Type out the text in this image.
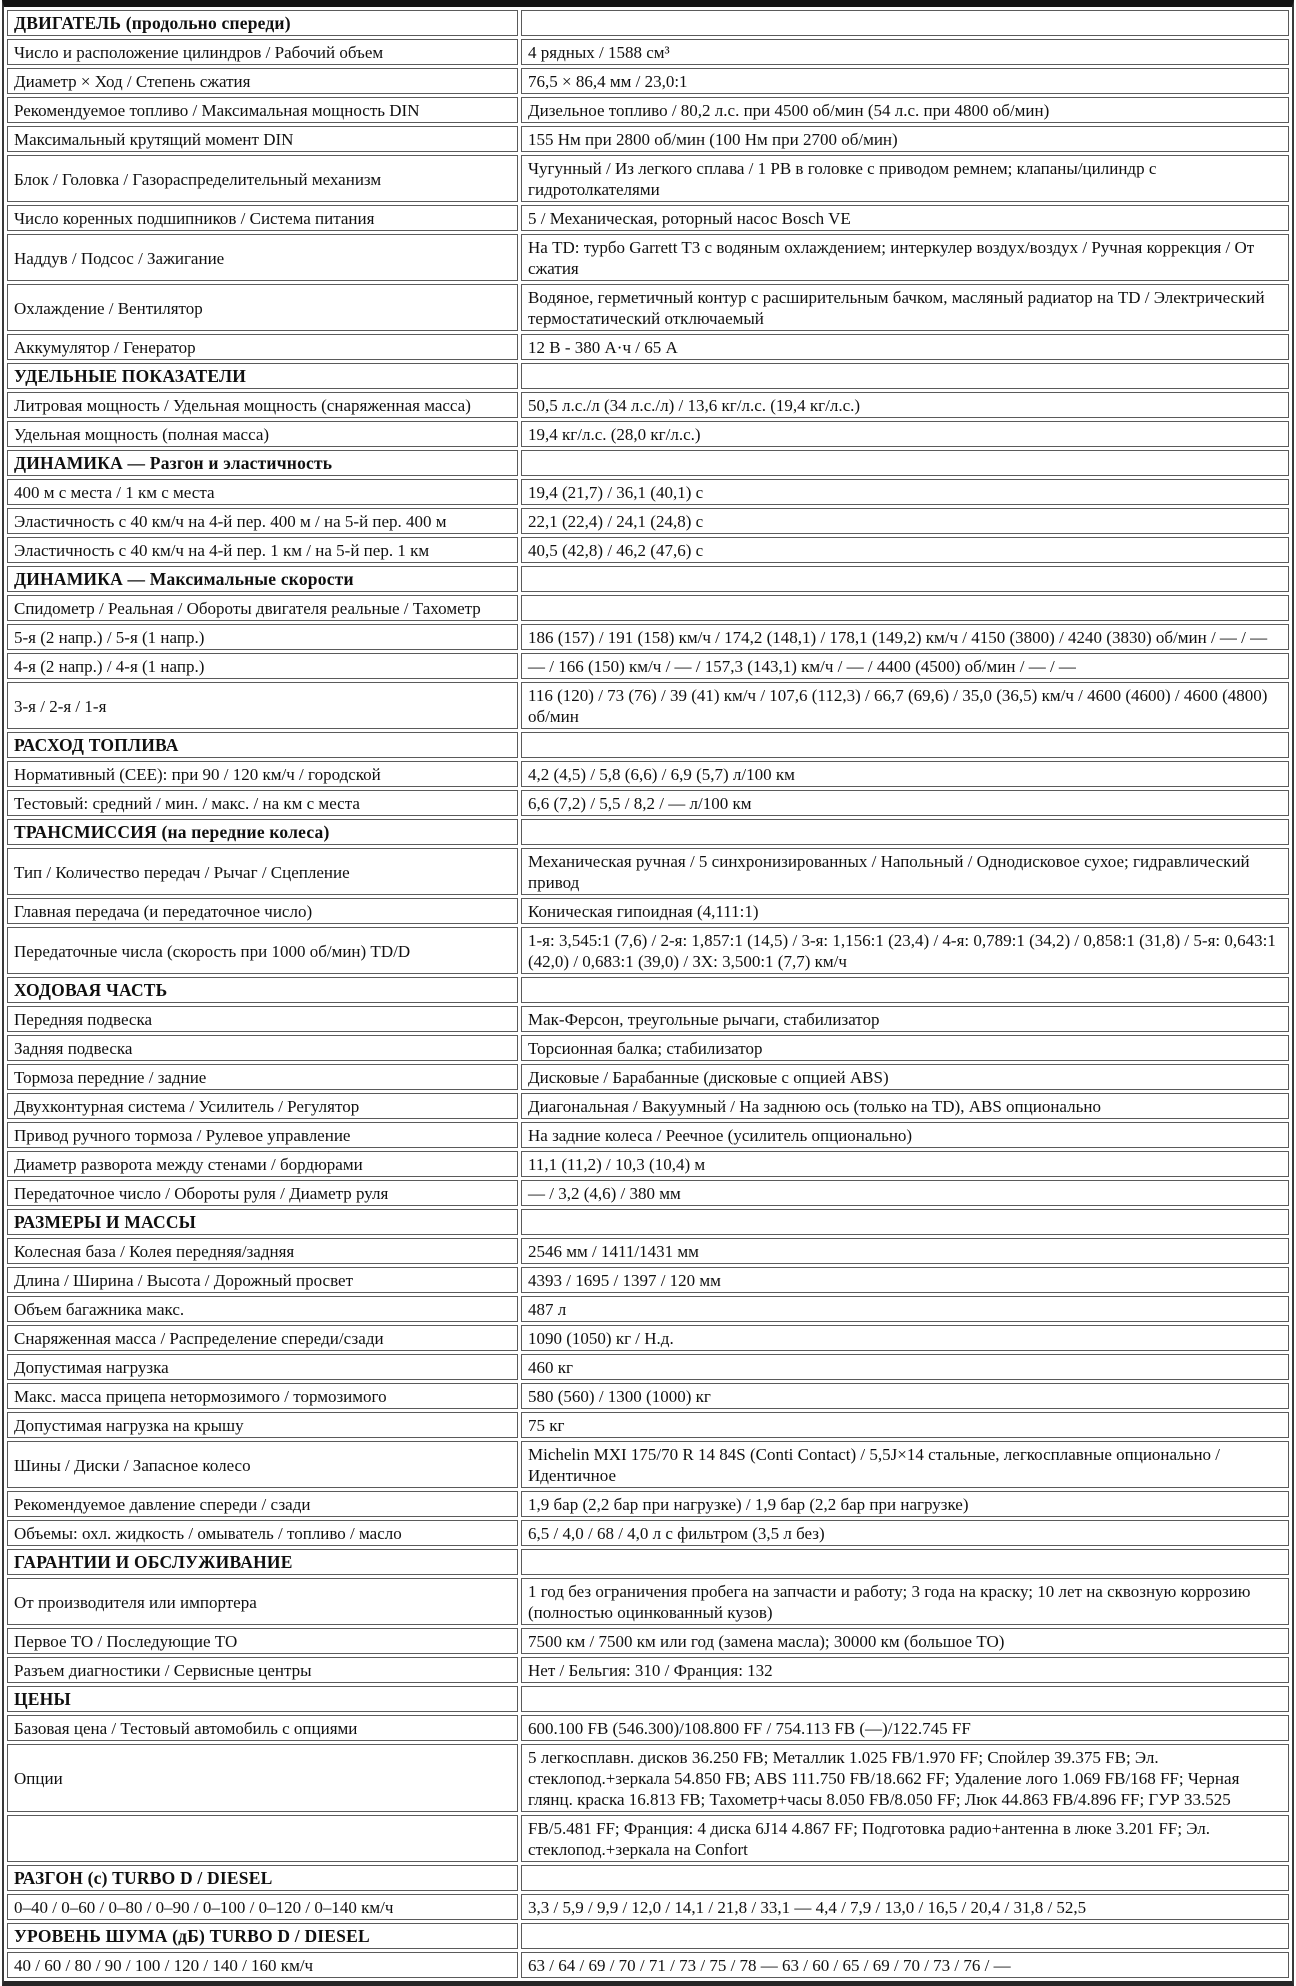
ДВИГАТЕЛЬ (продольно спереди)	
Число и расположение цилиндров / Рабочий объем	4 рядных / 1588 см³
Диаметр × Ход / Степень сжатия	76,5 × 86,4 мм / 23,0:1
Рекомендуемое топливо / Максимальная мощность DIN	Дизельное топливо / 80,2 л.с. при 4500 об/мин (54 л.с. при 4800 об/мин)
Максимальный крутящий момент DIN	155 Нм при 2800 об/мин (100 Нм при 2700 об/мин)
Блок / Головка / Газораспределительный механизм	Чугунный / Из легкого сплава / 1 РВ в головке с приводом ремнем; клапаны/цилиндр с гидротолкателями
Число коренных подшипников / Система питания	5 / Механическая, роторный насос Bosch VE
Наддув / Подсос / Зажигание	На TD: турбо Garrett T3 с водяным охлаждением; интеркулер воздух/воздух / Ручная коррекция / От сжатия
Охлаждение / Вентилятор	Водяное, герметичный контур с расширительным бачком, масляный радиатор на TD / Электрический термостатический отключаемый
Аккумулятор / Генератор	12 В - 380 А·ч / 65 А
УДЕЛЬНЫЕ ПОКАЗАТЕЛИ	
Литровая мощность / Удельная мощность (снаряженная масса)	50,5 л.с./л (34 л.с./л) / 13,6 кг/л.с. (19,4 кг/л.с.)
Удельная мощность (полная масса)	19,4 кг/л.с. (28,0 кг/л.с.)
ДИНАМИКА — Разгон и эластичность	
400 м с места / 1 км с места	19,4 (21,7) / 36,1 (40,1) с
Эластичность с 40 км/ч на 4-й пер. 400 м / на 5-й пер. 400 м	22,1 (22,4) / 24,1 (24,8) с
Эластичность с 40 км/ч на 4-й пер. 1 км / на 5-й пер. 1 км	40,5 (42,8) / 46,2 (47,6) с
ДИНАМИКА — Максимальные скорости	
Спидометр / Реальная / Обороты двигателя реальные / Тахометр	
5-я (2 напр.) / 5-я (1 напр.)	186 (157) / 191 (158) км/ч / 174,2 (148,1) / 178,1 (149,2) км/ч / 4150 (3800) / 4240 (3830) об/мин / — / —
4-я (2 напр.) / 4-я (1 напр.)	— / 166 (150) км/ч / — / 157,3 (143,1) км/ч / — / 4400 (4500) об/мин / — / —
3-я / 2-я / 1-я	116 (120) / 73 (76) / 39 (41) км/ч / 107,6 (112,3) / 66,7 (69,6) / 35,0 (36,5) км/ч / 4600 (4600) / 4600 (4800) об/мин
РАСХОД ТОПЛИВА	
Нормативный (CEE): при 90 / 120 км/ч / городской	4,2 (4,5) / 5,8 (6,6) / 6,9 (5,7) л/100 км
Тестовый: средний / мин. / макс. / на км с места	6,6 (7,2) / 5,5 / 8,2 / — л/100 км
ТРАНСМИССИЯ (на передние колеса)	
Тип / Количество передач / Рычаг / Сцепление	Механическая ручная / 5 синхронизированных / Напольный / Однодисковое сухое; гидравлический привод
Главная передача (и передаточное число)	Коническая гипоидная (4,111:1)
Передаточные числа (скорость при 1000 об/мин) TD/D	1-я: 3,545:1 (7,6) / 2-я: 1,857:1 (14,5) / 3-я: 1,156:1 (23,4) / 4-я: 0,789:1 (34,2) / 0,858:1 (31,8) / 5-я: 0,643:1 (42,0) / 0,683:1 (39,0) / ЗХ: 3,500:1 (7,7) км/ч
ХОДОВАЯ ЧАСТЬ	
Передняя подвеска	Мак-Ферсон, треугольные рычаги, стабилизатор
Задняя подвеска	Торсионная балка; стабилизатор
Тормоза передние / задние	Дисковые / Барабанные (дисковые с опцией ABS)
Двухконтурная система / Усилитель / Регулятор	Диагональная / Вакуумный / На заднюю ось (только на TD), ABS опционально
Привод ручного тормоза / Рулевое управление	На задние колеса / Реечное (усилитель опционально)
Диаметр разворота между стенами / бордюрами	11,1 (11,2) / 10,3 (10,4) м
Передаточное число / Обороты руля / Диаметр руля	— / 3,2 (4,6) / 380 мм
РАЗМЕРЫ И МАССЫ	
Колесная база / Колея передняя/задняя	2546 мм / 1411/1431 мм
Длина / Ширина / Высота / Дорожный просвет	4393 / 1695 / 1397 / 120 мм
Объем багажника макс.	487 л
Снаряженная масса / Распределение спереди/сзади	1090 (1050) кг / Н.д.
Допустимая нагрузка	460 кг
Макс. масса прицепа нетормозимого / тормозимого	580 (560) / 1300 (1000) кг
Допустимая нагрузка на крышу	75 кг
Шины / Диски / Запасное колесо	Michelin MXI 175/70 R 14 84S (Conti Contact) / 5,5J×14 стальные, легкосплавные опционально / Идентичное
Рекомендуемое давление спереди / сзади	1,9 бар (2,2 бар при нагрузке) / 1,9 бар (2,2 бар при нагрузке)
Объемы: охл. жидкость / омыватель / топливо / масло	6,5 / 4,0 / 68 / 4,0 л с фильтром (3,5 л без)
ГАРАНТИИ И ОБСЛУЖИВАНИЕ	
От производителя или импортера	1 год без ограничения пробега на запчасти и работу; 3 года на краску; 10 лет на сквозную коррозию (полностью оцинкованный кузов)
Первое ТО / Последующие ТО	7500 км / 7500 км или год (замена масла); 30000 км (большое ТО)
Разъем диагностики / Сервисные центры	Нет / Бельгия: 310 / Франция: 132
ЦЕНЫ	
Базовая цена / Тестовый автомобиль с опциями	600.100 FB (546.300)/108.800 FF / 754.113 FB (—)/122.745 FF
Опции	5 легкосплавн. дисков 36.250 FB; Металлик 1.025 FB/1.970 FF; Спойлер 39.375 FB; Эл. стеклопод.+зеркала 54.850 FB; ABS 111.750 FB/18.662 FF; Удаление лого 1.069 FB/168 FF; Черная глянц. краска 16.813 FB; Тахометр+часы 8.050 FB/8.050 FF; Люк 44.863 FB/4.896 FF; ГУР 33.525
	FB/5.481 FF; Франция: 4 диска 6J14 4.867 FF; Подготовка радио+антенна в люке 3.201 FF; Эл. стеклопод.+зеркала на Confort
РАЗГОН (с) TURBO D / DIESEL	
0–40 / 0–60 / 0–80 / 0–90 / 0–100 / 0–120 / 0–140 км/ч	3,3 / 5,9 / 9,9 / 12,0 / 14,1 / 21,8 / 33,1 — 4,4 / 7,9 / 13,0 / 16,5 / 20,4 / 31,8 / 52,5
УРОВЕНЬ ШУМА (дБ) TURBO D / DIESEL	
40 / 60 / 80 / 90 / 100 / 120 / 140 / 160 км/ч	63 / 64 / 69 / 70 / 71 / 73 / 75 / 78 — 63 / 60 / 65 / 69 / 70 / 73 / 76 / —
